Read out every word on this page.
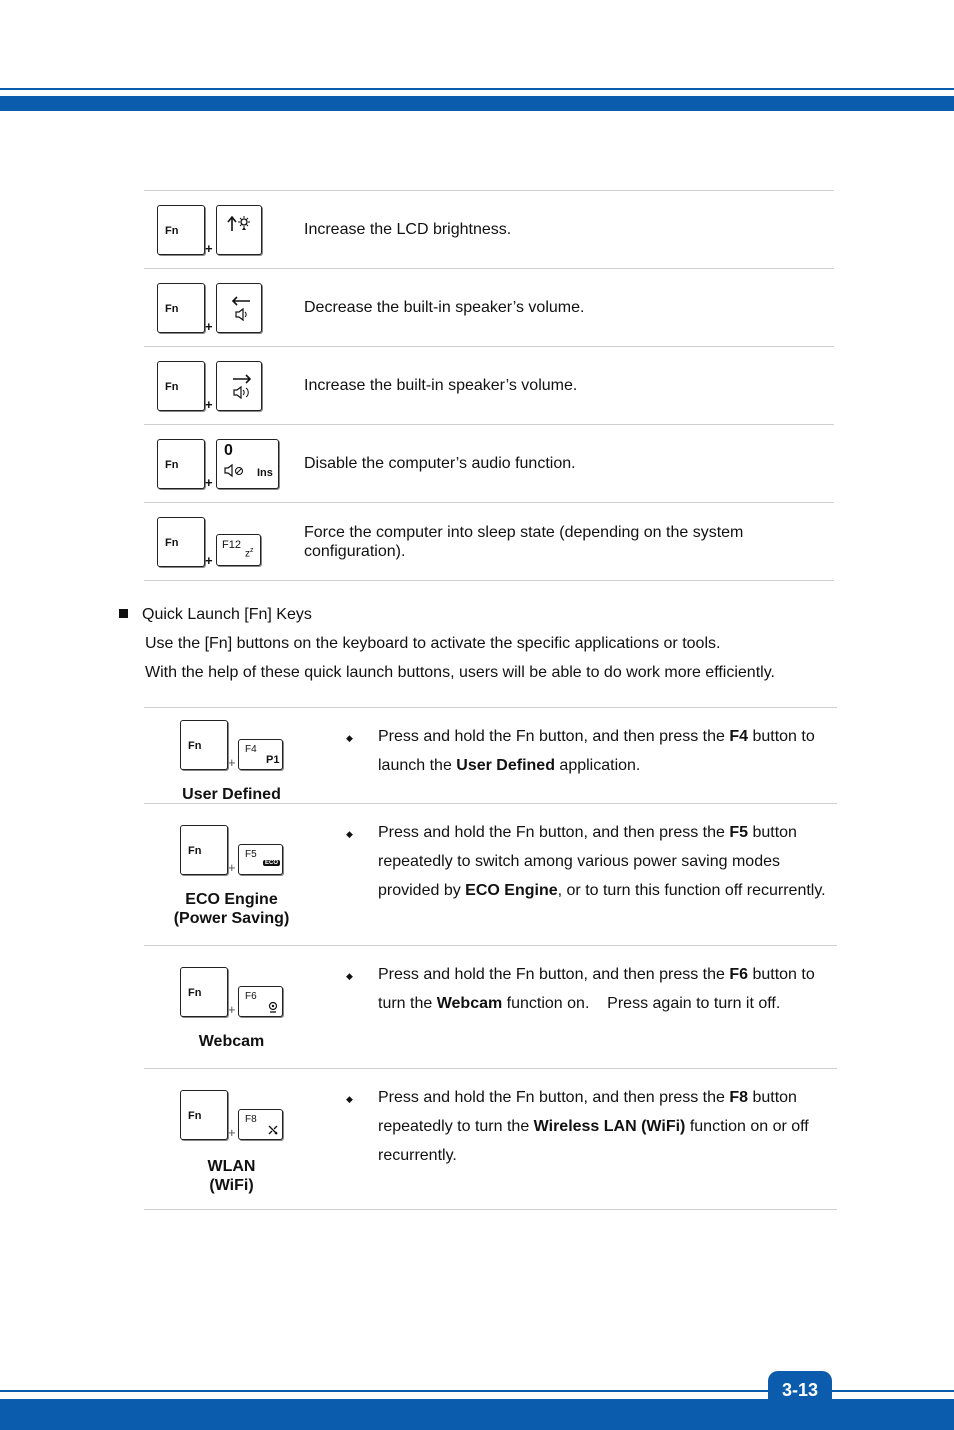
Fn
+
Increase the LCD brightness.
Fn
+
Decrease the built-in speaker’s volume.
Fn
+
Increase the built-in speaker’s volume.
Fn
+
0
Ins
Disable the computer’s audio function.
Fn
+
F12
$z^z$
Force the computer into sleep state (depending on the system configuration).
Quick Launch [Fn] Keys
Use the [Fn] buttons on the keyboard to activate the specific applications or tools.
With the help of these quick launch buttons, users will be able to do work more efficiently.
Fn
+
F4
P1
User Defined
◆ Press and hold the Fn button, and then press the F4 button to launch the User Defined application.
Fn
+
F5
ECO
ECO Engine
(Power Saving)
◆ Press and hold the Fn button, and then press the F5 button repeatedly to switch among various power saving modes provided by ECO Engine, or to turn this function off recurrently.
Fn
+
F6
Webcam
◆ Press and hold the Fn button, and then press the F6 button to turn the Webcam function on.    Press again to turn it off.
Fn
+
F8
WLAN
(WiFi)
◆ Press and hold the Fn button, and then press the F8 button repeatedly to turn the Wireless LAN (WiFi) function on or off recurrently.
3-13
